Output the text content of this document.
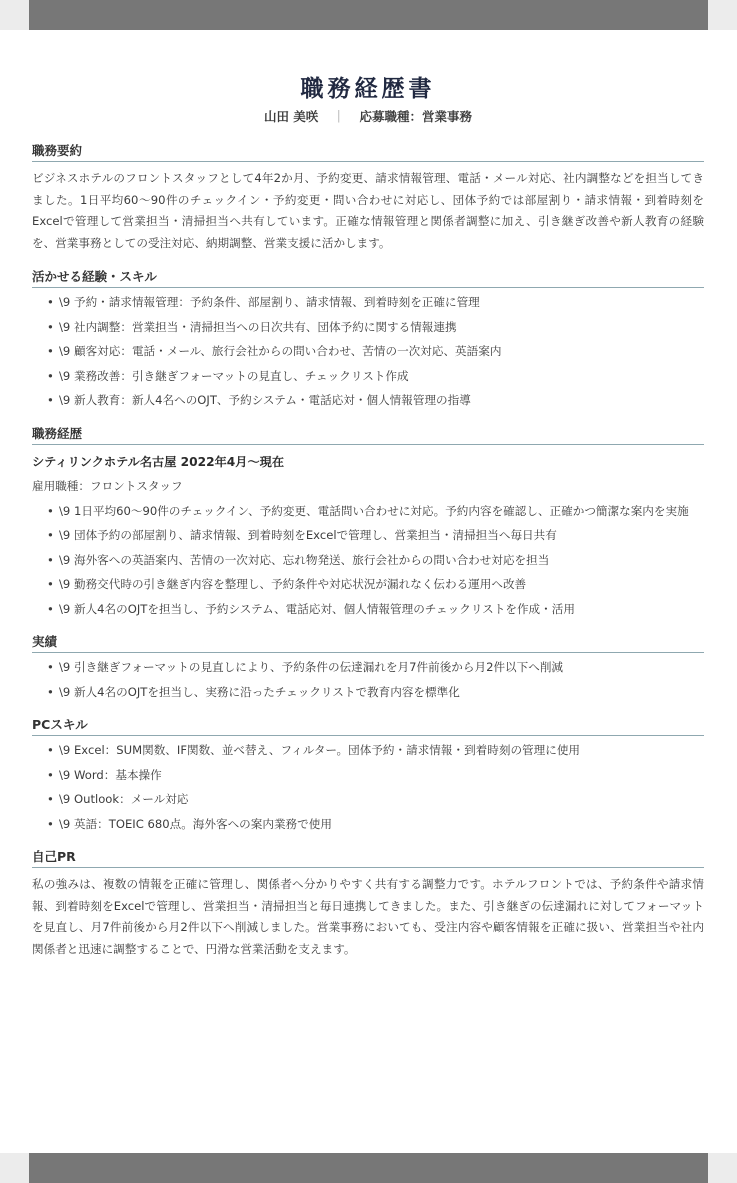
職務経歴書
山田 美咲 ｜ 応募職種：営業事務
職務要約

ビジネスホテルのフロントスタッフとして4年2か月、予約変更、請求情報管理、電話・メール対応、社内調整などを担当してきました。1日平均60〜90件のチェックイン・予約変更・問い合わせに対応し、団体予約では部屋割り・請求情報・到着時刻をExcelで管理して営業担当・清掃担当へ共有しています。正確な情報管理と関係者調整に加え、引き継ぎ改善や新人教育の経験を、営業事務としての受注対応、納期調整、営業支援に活かします。

活かせる経験・スキル
• \9 予約・請求情報管理：予約条件、部屋割り、請求情報、到着時刻を正確に管理
• \9 社内調整：営業担当・清掃担当への日次共有、団体予約に関する情報連携
• \9 顧客対応：電話・メール、旅行会社からの問い合わせ、苦情の一次対応、英語案内
• \9 業務改善：引き継ぎフォーマットの見直し、チェックリスト作成
• \9 新人教育：新人4名へのOJT、予約システム・電話応対・個人情報管理の指導
職務経歴
シティリンクホテル名古屋 2022年4月〜現在
雇用職種：フロントスタッフ
• \9 1日平均60〜90件のチェックイン、予約変更、電話問い合わせに対応。予約内容を確認し、正確かつ簡潔な案内を実施
• \9 団体予約の部屋割り、請求情報、到着時刻をExcelで管理し、営業担当・清掃担当へ毎日共有
• \9 海外客への英語案内、苦情の一次対応、忘れ物発送、旅行会社からの問い合わせ対応を担当
• \9 勤務交代時の引き継ぎ内容を整理し、予約条件や対応状況が漏れなく伝わる運用へ改善
• \9 新人4名のOJTを担当し、予約システム、電話応対、個人情報管理のチェックリストを作成・活用
実績
• \9 引き継ぎフォーマットの見直しにより、予約条件の伝達漏れを月7件前後から月2件以下へ削減
• \9 新人4名のOJTを担当し、実務に沿ったチェックリストで教育内容を標準化
PCスキル
• \9 Excel：SUM関数、IF関数、並べ替え、フィルター。団体予約・請求情報・到着時刻の管理に使用
• \9 Word：基本操作
• \9 Outlook：メール対応
• \9 英語：TOEIC 680点。海外客への案内業務で使用
自己PR

私の強みは、複数の情報を正確に管理し、関係者へ分かりやすく共有する調整力です。ホテルフロントでは、予約条件や請求情報、到着時刻をExcelで管理し、営業担当・清掃担当と毎日連携してきました。また、引き継ぎの伝達漏れに対してフォーマットを見直し、月7件前後から月2件以下へ削減しました。営業事務においても、受注内容や顧客情報を正確に扱い、営業担当や社内関係者と迅速に調整することで、円滑な営業活動を支えます。
